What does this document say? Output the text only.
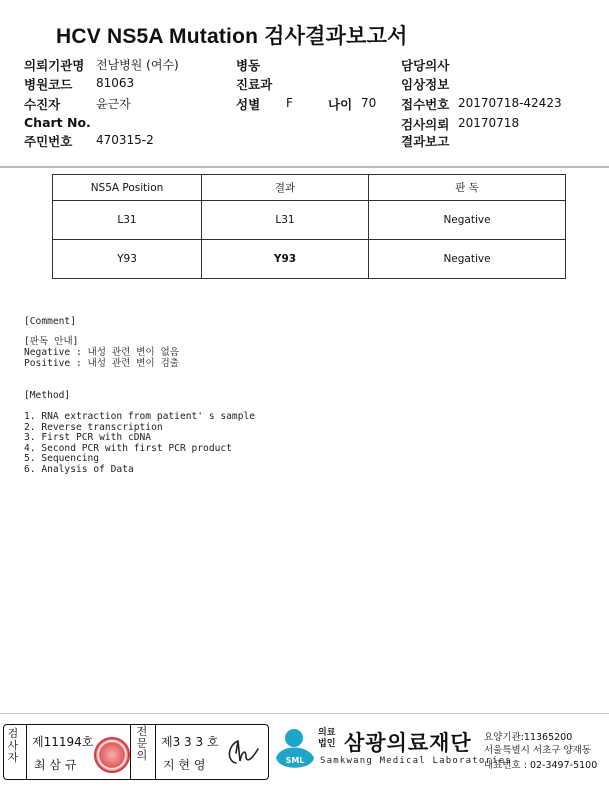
HCV NS5A Mutation 검사결과보고서
의뢰기관명 전남병원 (여수)
병원코드 81063
수진자	윤근자
Chart No.
주민번호 470315-2
병동
진료과
성별 F	나이 70
담당의사
임상정보
접수번호 20170718-42423
검사의뢰 20170718
결과보고
NS5A Position	결과	판 독
L31	L31	Negative
Y93	Y93	Negative
[Comment]
[판독 안내]
Negative : 내성 관련 변이 없음
Positive : 내성 관련 변이 검출
[Method]
1. RNA extraction from patient' s sample
2. Reverse transcription
3. First PCR with cDNA
4. Second PCR with first PCR product
5. Sequencing
6. Analysis of Data
검
사
자
제11194호
최 삼 규
전
문
의
제3 3 3 호
지 현 영	SML
의료
법인 삼광의료재단
Samkwang Medical Laboratories
요양기관:11365200
서울특별시 서초구 양재동
대표번호 : 02-3497-5100
